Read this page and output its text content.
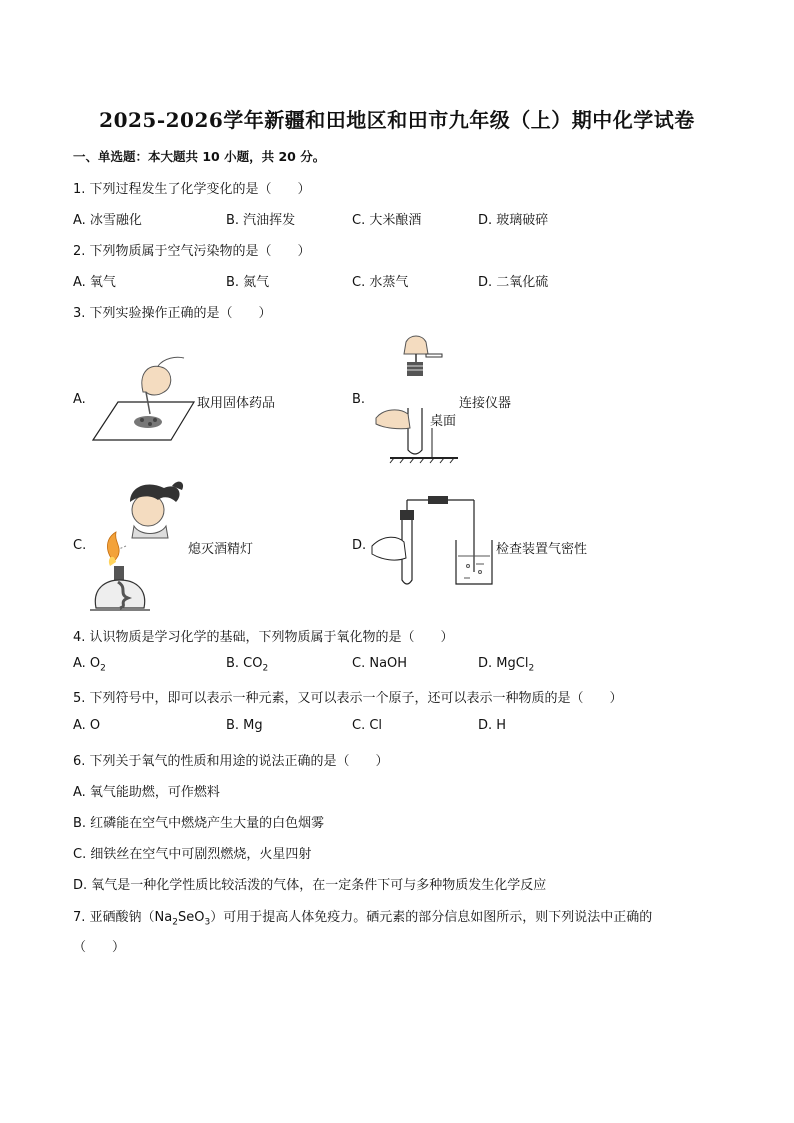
2025-2026学年新疆和田地区和田市九年级（上）期中化学试卷
一、单选题：本大题共 10 小题，共 20 分。
1. 下列过程发生了化学变化的是（　　）
A. 冰雪融化	B. 汽油挥发	C. 大米酿酒	D. 玻璃破碎
2. 下列物质属于空气污染物的是（　　）
A. 氧气	B. 氮气	C. 水蒸气	D. 二氧化硫
3. 下列实验操作正确的是（　　）
A.	取用固体药品	B.	连接仪器
桌面
C.	熄灭酒精灯	D.	检查装置气密性
4. 认识物质是学习化学的基础，下列物质属于氧化物的是（　　）
A. $O_2$	B. $CO_2$	C. NaOH	D. MgCl$_2$
5. 下列符号中，即可以表示一种元素，又可以表示一个原子，还可以表示一种物质的是（　　）
A. O	B. Mg	C. Cl	D. H
6. 下列关于氧气的性质和用途的说法正确的是（　　）
A. 氧气能助燃，可作燃料
B. 红磷能在空气中燃烧产生大量的白色烟雾
C. 细铁丝在空气中可剧烈燃烧，火星四射
D. 氧气是一种化学性质比较活泼的气体，在一定条件下可与多种物质发生化学反应
7. 亚硒酸钠$(Na_2SeO_3)$可用于提高人体免疫力。硒元素的部分信息如图所示，则下列说法中正确的
（　　）
